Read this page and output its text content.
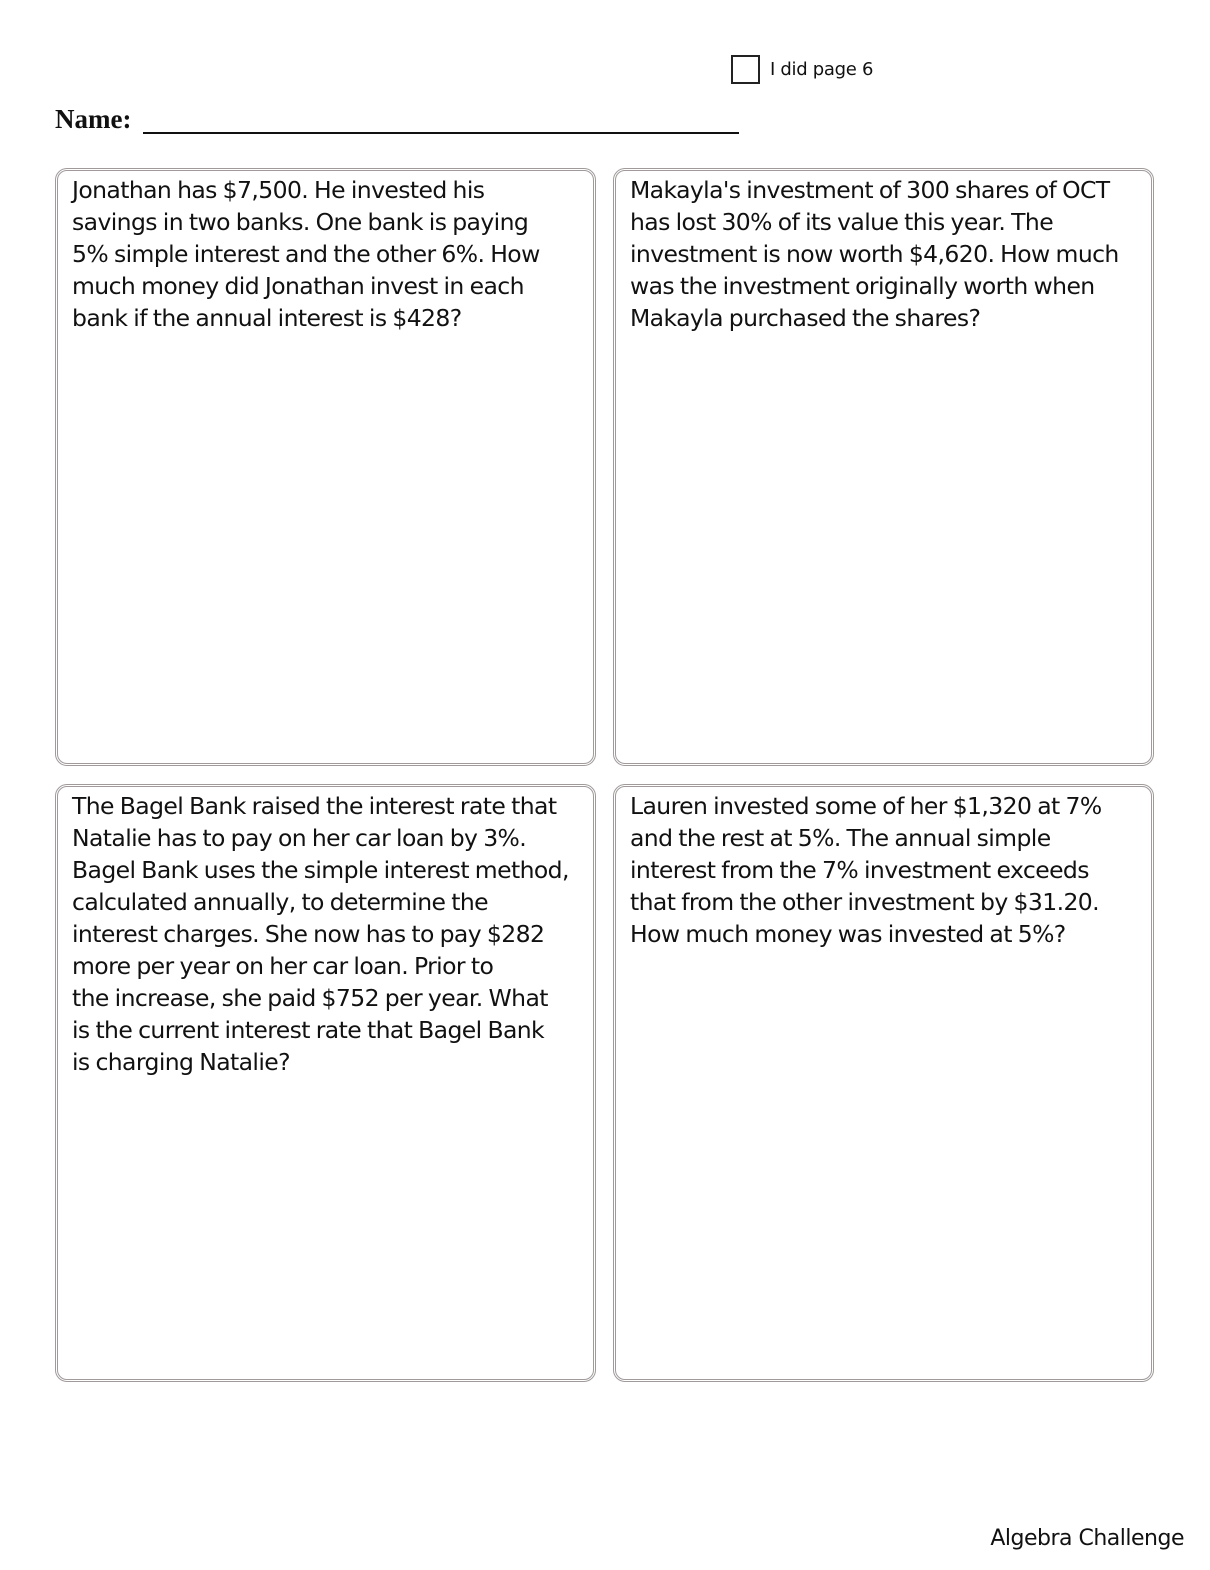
I did page 6
Name:

Jonathan has $7,500. He invested his
savings in two banks. One bank is paying
5% simple interest and the other 6%. How
much money did Jonathan invest in each
bank if the annual interest is $428?

Makayla's investment of 300 shares of OCT
has lost 30% of its value this year. The
investment is now worth $4,620. How much
was the investment originally worth when
Makayla purchased the shares?

The Bagel Bank raised the interest rate that
Natalie has to pay on her car loan by 3%.
Bagel Bank uses the simple interest method,
calculated annually, to determine the
interest charges. She now has to pay $282
more per year on her car loan. Prior to
the increase, she paid $752 per year. What
is the current interest rate that Bagel Bank
is charging Natalie?

Lauren invested some of her $1,320 at 7%
and the rest at 5%. The annual simple
interest from the 7% investment exceeds
that from the other investment by $31.20.
How much money was invested at 5%?

Algebra Challenge
